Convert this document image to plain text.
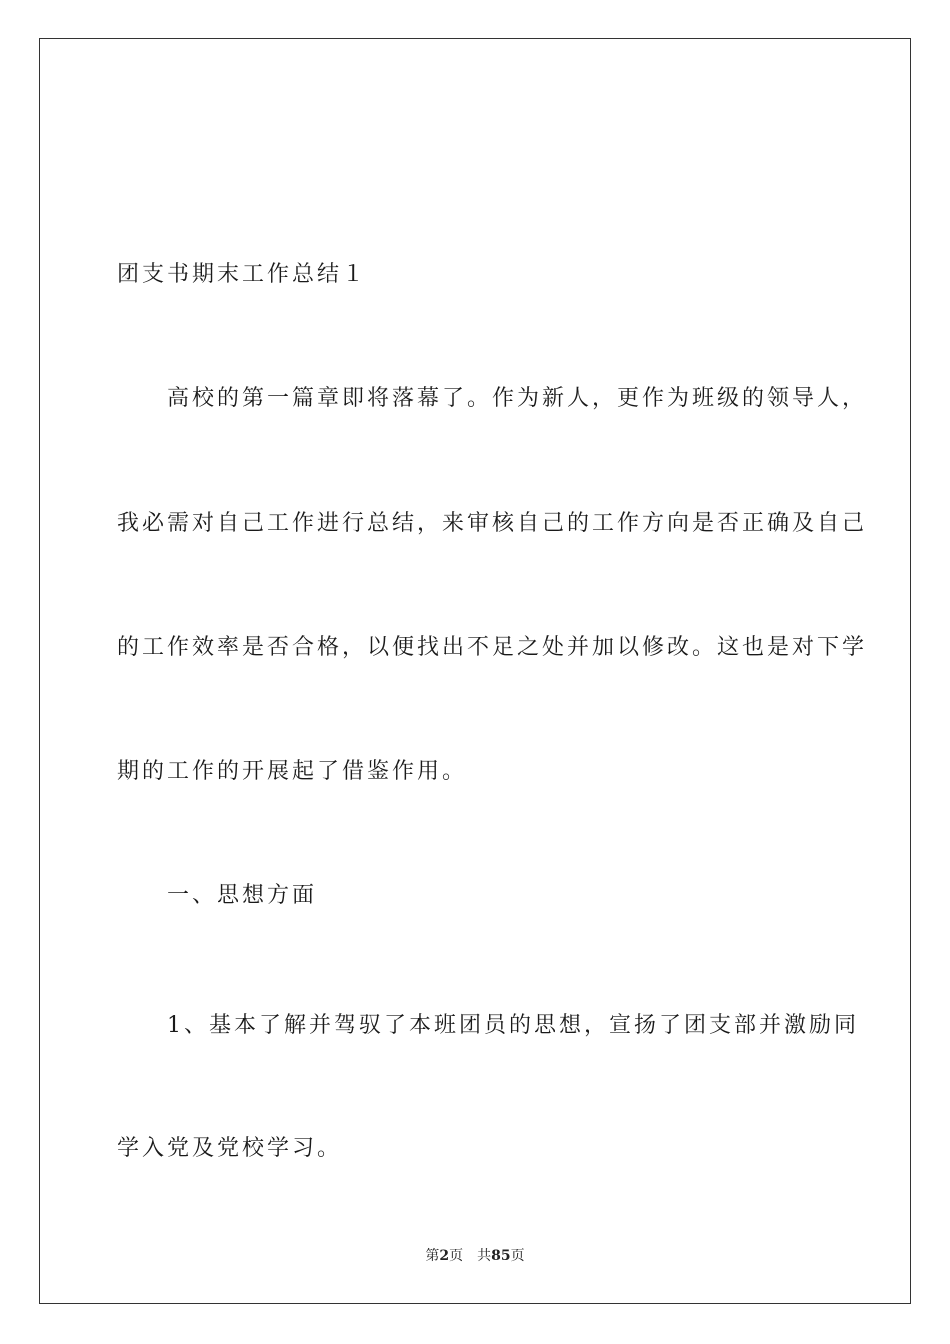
团支书期末工作总结１

　　高校的第一篇章即将落幕了。作为新人，更作为班级的领导人，

我必需对自己工作进行总结，来审核自己的工作方向是否正确及自己

的工作效率是否合格，以便找出不足之处并加以修改。这也是对下学

期的工作的开展起了借鉴作用。

　　一、思想方面

　　1、基本了解并驾驭了本班团员的思想，宣扬了团支部并激励同

学入党及党校学习。

第2页 共85页
